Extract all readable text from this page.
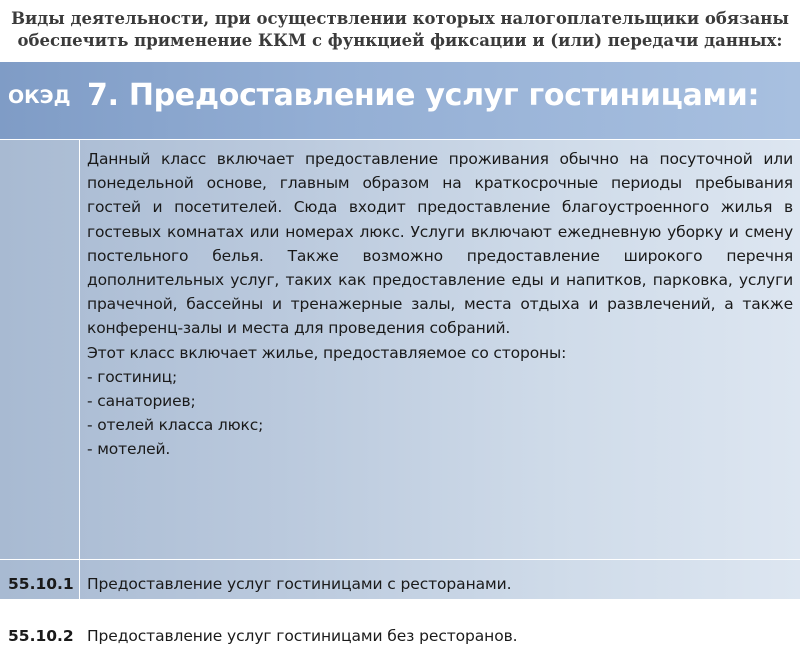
Виды деятельности, при осуществлении которых налогоплательщики обязаны
обеспечить применение ККМ с функцией фиксации и (или) передачи данных:
ОКЭД 7. Предоставление услуг гостиницами:

Данный класс включает предоставление проживания обычно на посуточной или понедельной основе, главным образом на краткосрочные периоды пребывания гостей и посетителей. Сюда входит предоставление благоустроенного жилья в гостевых комнатах или номерах люкс. Услуги включают ежедневную уборку и смену постельного белья. Также возможно предоставление широкого перечня дополнительных услуг, таких как предоставление еды и напитков, парковка, услуги прачечной, бассейны и тренажерные залы, места отдыха и развлечений, а также конференц-залы и места для проведения собраний.

Этот класс включает жилье, предоставляемое со стороны:

- гостиниц;
- санаториев;
- отелей класса люкс;
- мотелей.
55.10.1 Предоставление услуг гостиницами с ресторанами.
55.10.2 Предоставление услуг гостиницами без ресторанов.
